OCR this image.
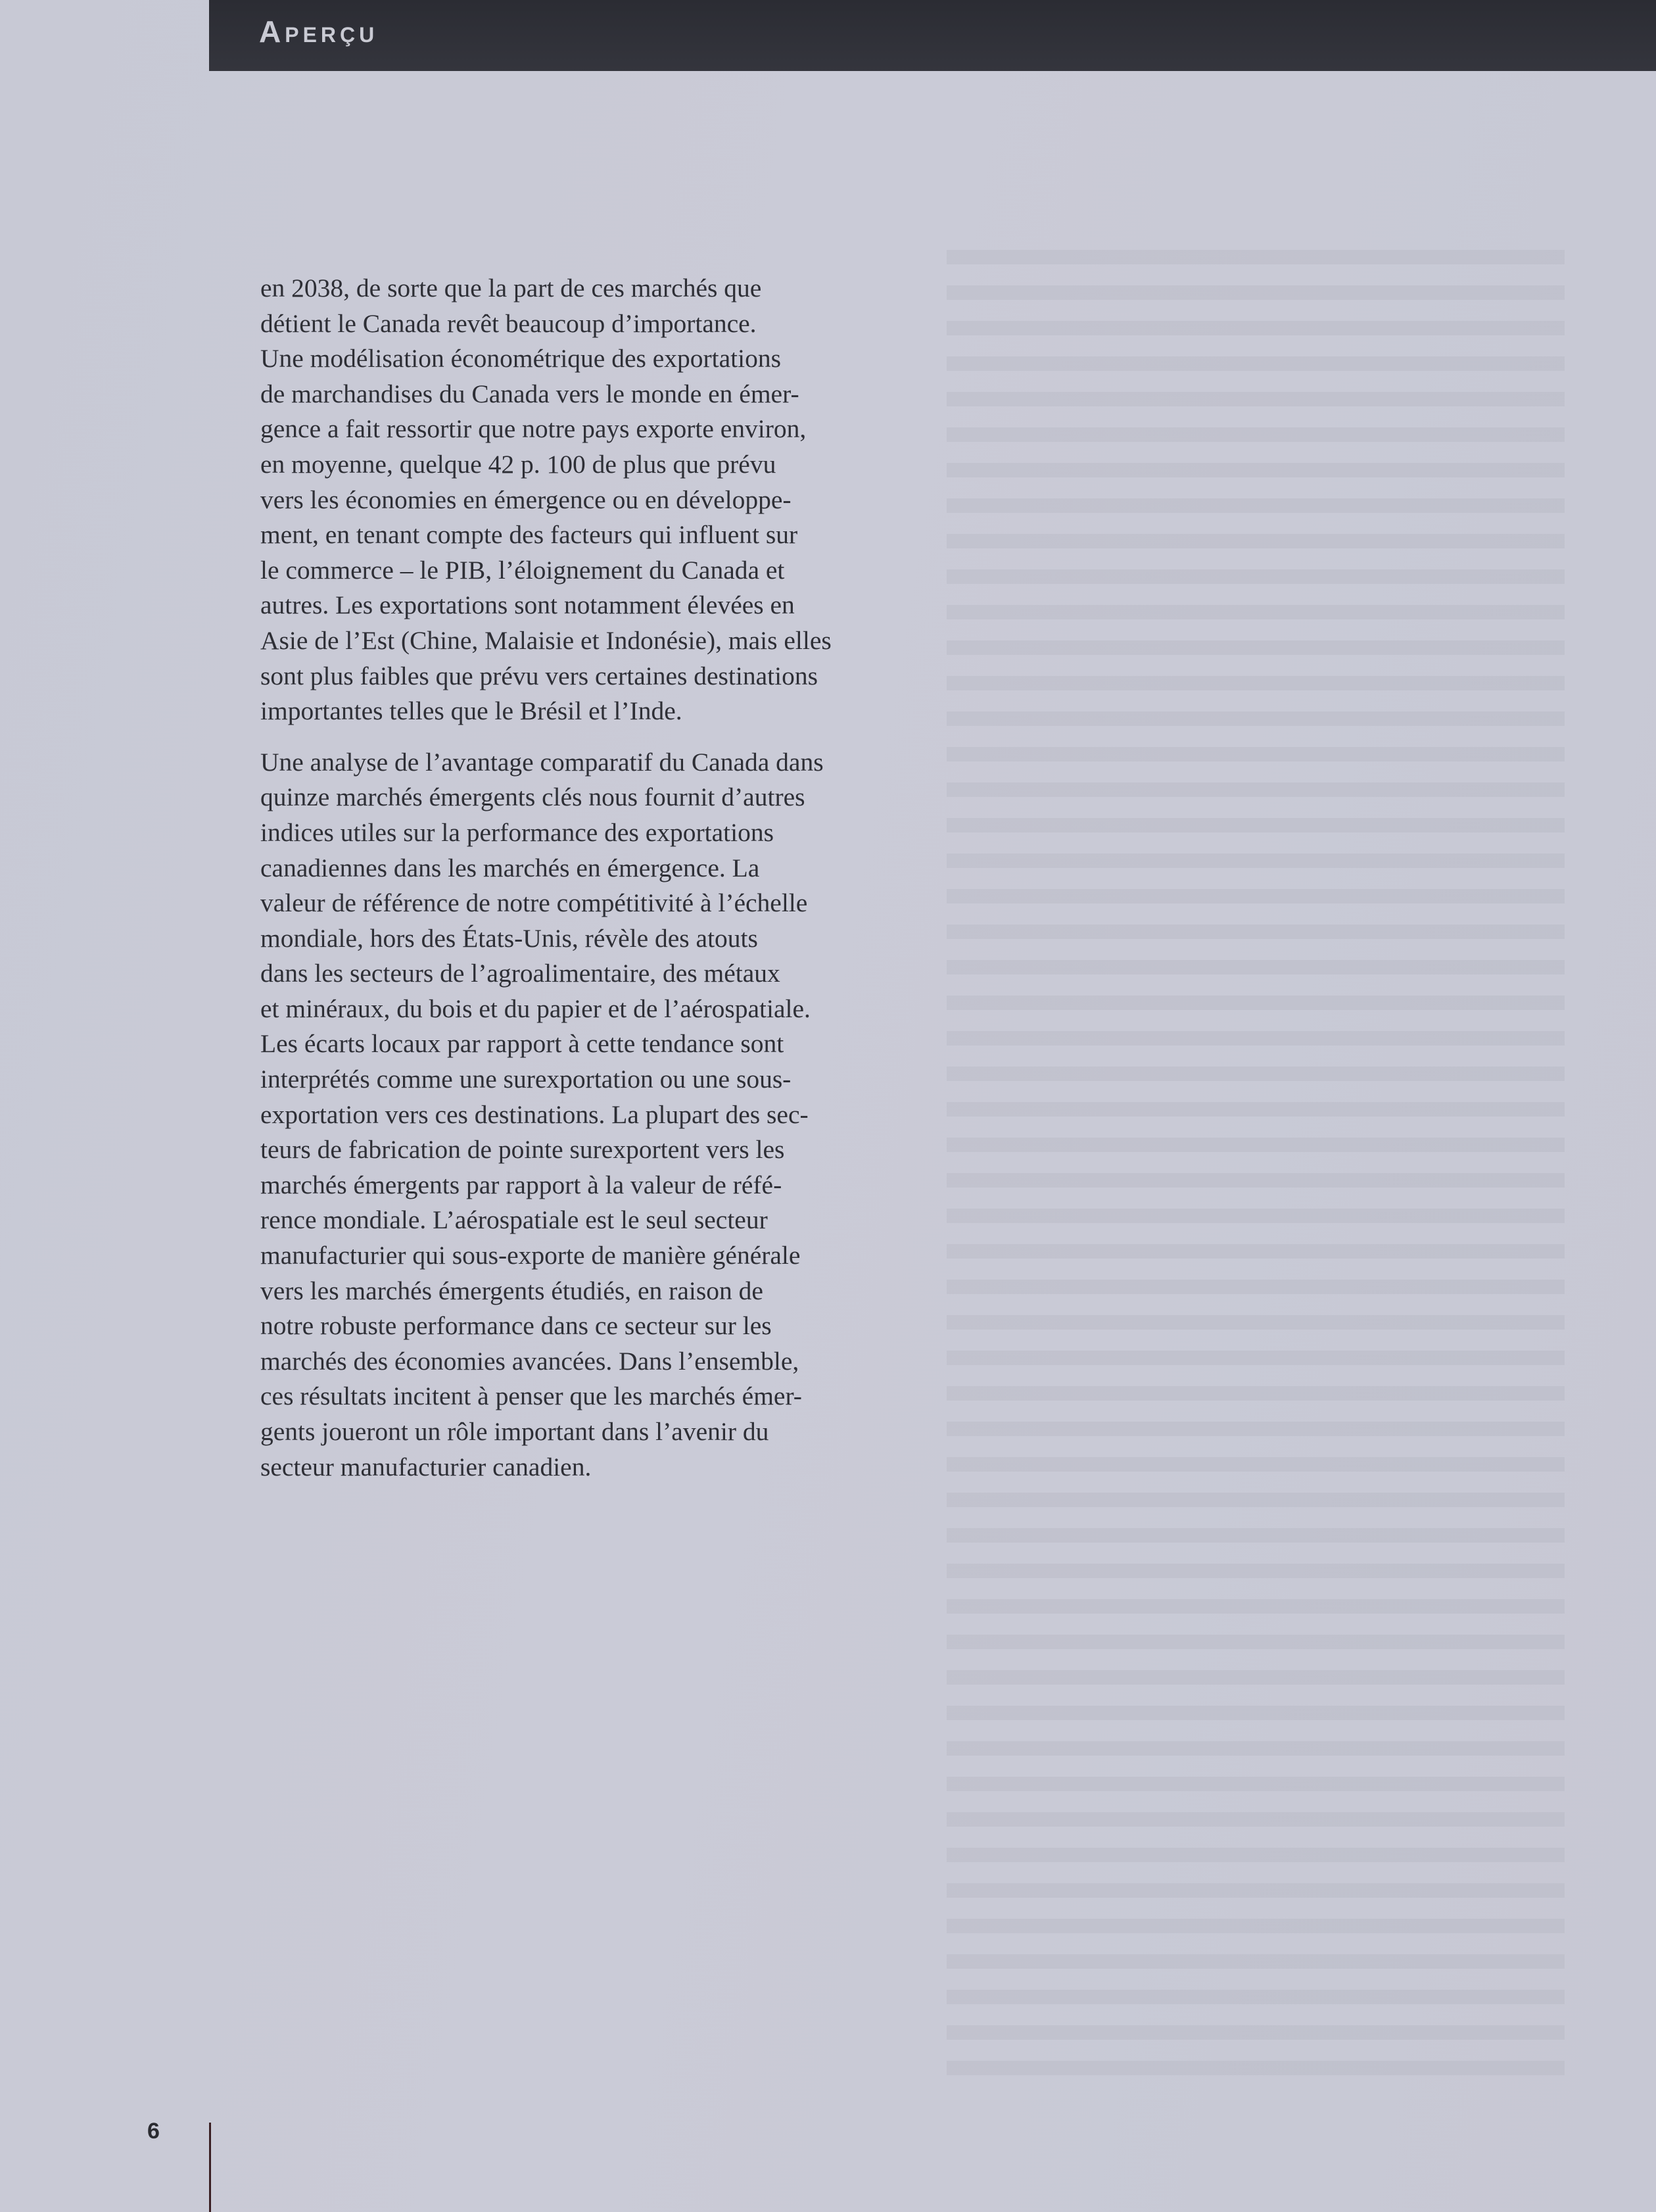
Aperçu

en 2038, de sorte que la part de ces marchés que
détient le Canada revêt beaucoup d’importance.
Une modélisation économétrique des exportations
de marchandises du Canada vers le monde en émer-
gence a fait ressortir que notre pays exporte environ,
en moyenne, quelque 42 p. 100 de plus que prévu
vers les économies en émergence ou en développe-
ment, en tenant compte des facteurs qui influent sur
le commerce – le PIB, l’éloignement du Canada et
autres. Les exportations sont notamment élevées en
Asie de l’Est (Chine, Malaisie et Indonésie), mais elles
sont plus faibles que prévu vers certaines destinations
importantes telles que le Brésil et l’Inde.

Une analyse de l’avantage comparatif du Canada dans
quinze marchés émergents clés nous fournit d’autres
indices utiles sur la performance des exportations
canadiennes dans les marchés en émergence. La
valeur de référence de notre compétitivité à l’échelle
mondiale, hors des États-Unis, révèle des atouts
dans les secteurs de l’agroalimentaire, des métaux
et minéraux, du bois et du papier et de l’aérospatiale.
Les écarts locaux par rapport à cette tendance sont
interprétés comme une surexportation ou une sous-
exportation vers ces destinations. La plupart des sec-
teurs de fabrication de pointe surexportent vers les
marchés émergents par rapport à la valeur de réfé-
rence mondiale. L’aérospatiale est le seul secteur
manufacturier qui sous-exporte de manière générale
vers les marchés émergents étudiés, en raison de
notre robuste performance dans ce secteur sur les
marchés des économies avancées. Dans l’ensemble,
ces résultats incitent à penser que les marchés émer-
gents joueront un rôle important dans l’avenir du
secteur manufacturier canadien.

6
